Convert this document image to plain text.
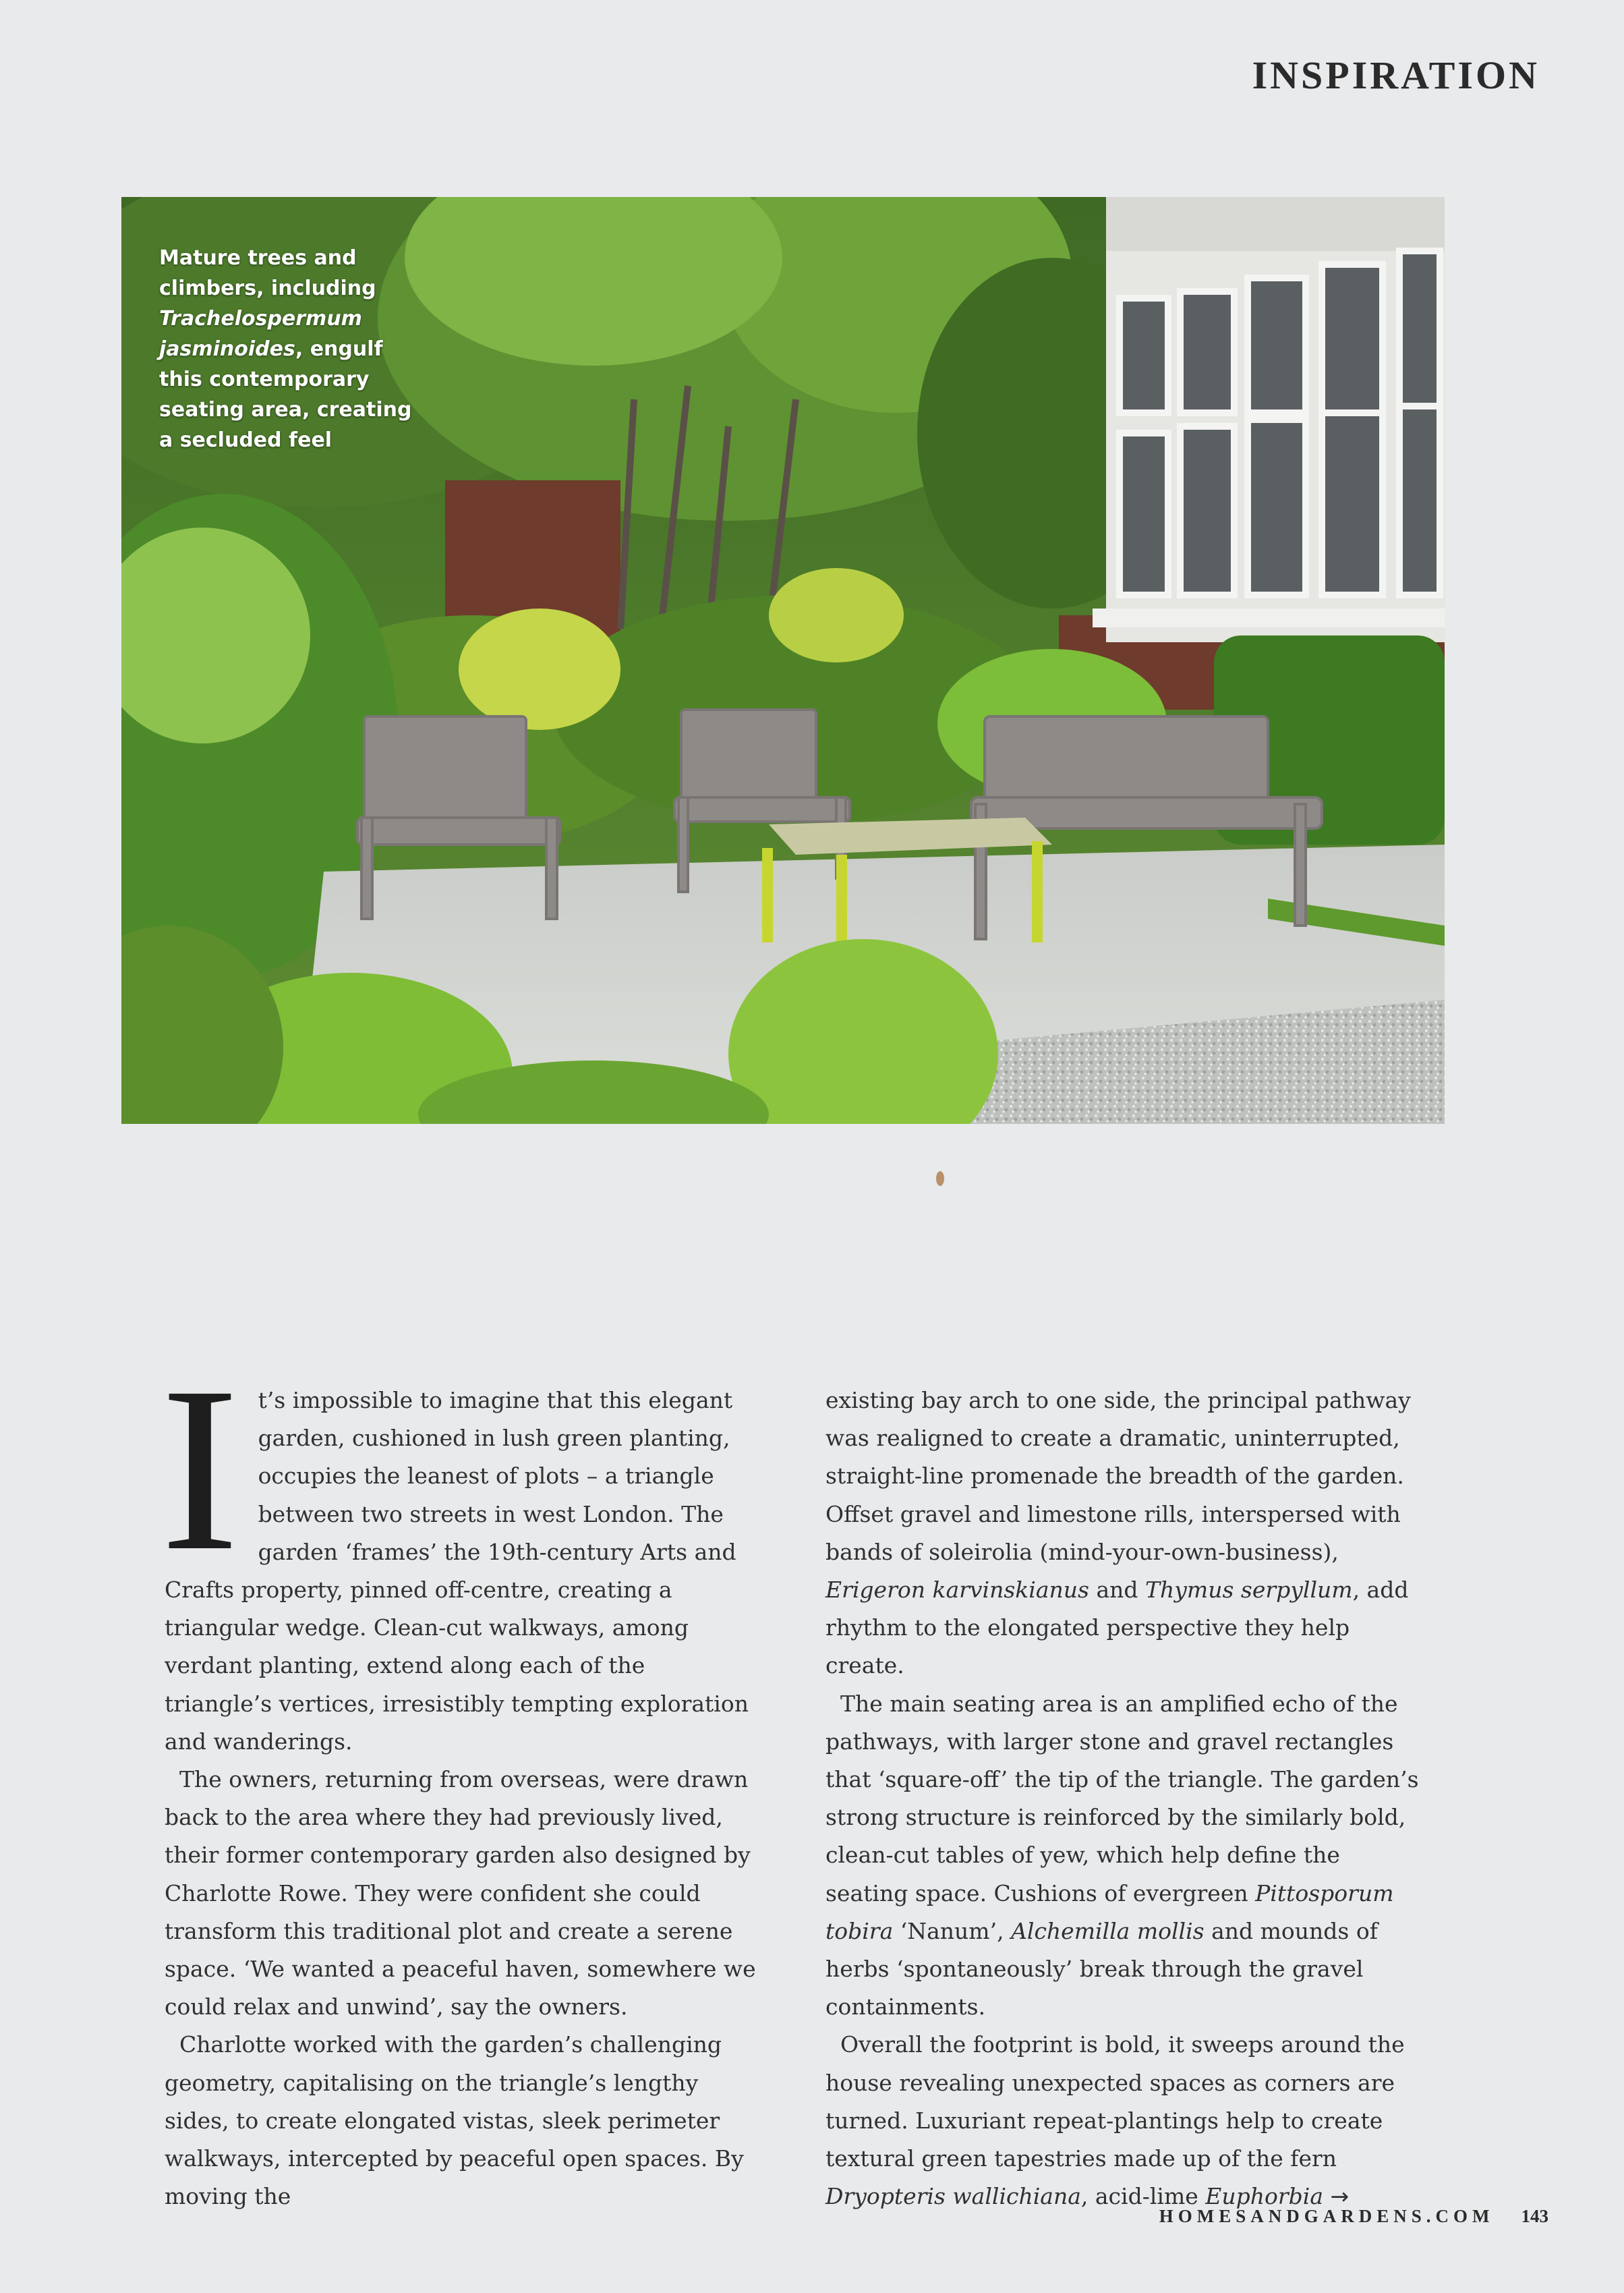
INSPIRATION
Mature trees and climbers, including Trachelospermum jasminoides, engulf this contemporary seating area, creating a secluded feel

It’s impossible to imagine that this elegant garden, cushioned in lush green planting, occupies the leanest of plots – a triangle between two streets in west London. The garden ‘frames’ the 19th-century Arts and Crafts property, pinned off-centre, creating a triangular wedge. Clean-cut walkways, among verdant planting, extend along each of the triangle’s vertices, irresistibly tempting exploration and wanderings.

The owners, returning from overseas, were drawn back to the area where they had previously lived, their former contemporary garden also designed by Charlotte Rowe. They were confident she could transform this traditional plot and create a serene space. ‘We wanted a peaceful haven, somewhere we could relax and unwind’, say the owners.

Charlotte worked with the garden’s challenging geometry, capitalising on the triangle’s lengthy sides, to create elongated vistas, sleek perimeter walkways, intercepted by peaceful open spaces. By moving the

existing bay arch to one side, the principal pathway was realigned to create a dramatic, uninterrupted, straight-line promenade the breadth of the garden. Offset gravel and limestone rills, interspersed with bands of soleirolia (mind-your-own-business), Erigeron karvinskianus and Thymus serpyllum, add rhythm to the elongated perspective they help create.

The main seating area is an amplified echo of the pathways, with larger stone and gravel rectangles that ‘square-off’ the tip of the triangle. The garden’s strong structure is reinforced by the similarly bold, clean-cut tables of yew, which help define the seating space. Cushions of evergreen Pittosporum tobira ‘Nanum’, Alchemilla mollis and mounds of herbs ‘spontaneously’ break through the gravel containments.

Overall the footprint is bold, it sweeps around the house revealing unexpected spaces as corners are turned. Luxuriant repeat-plantings help to create textural green tapestries made up of the fern Dryopteris wallichiana, acid-lime Euphorbia →

HOMESANDGARDENS.COM 143
